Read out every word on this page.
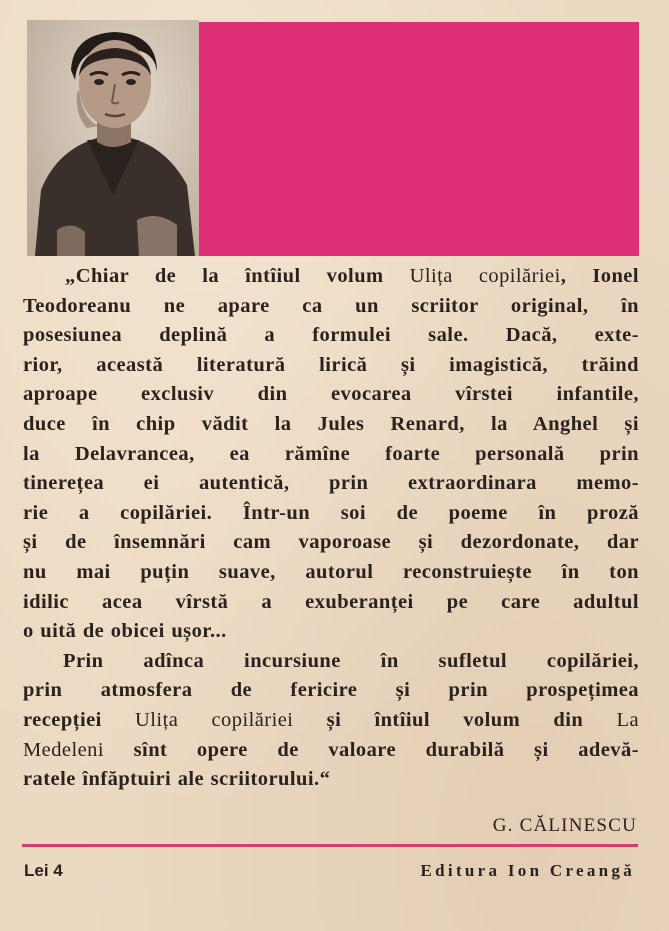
„Chiar de la întîiul volum Ulița copilăriei, Ionel
Teodoreanu ne apare ca un scriitor original, în
posesiunea deplină a formulei sale. Dacă, exte-
rior, această literatură lirică și imagistică, trăind
aproape exclusiv din evocarea vîrstei infantile,
duce în chip vădit la Jules Renard, la Anghel și
la Delavrancea, ea rămîne foarte personală prin
tinerețea ei autentică, prin extraordinara memo-
rie a copilăriei. Într-un soi de poeme în proză
și de însemnări cam vaporoase și dezordonate, dar
nu mai puțin suave, autorul reconstruiește în ton
idilic acea vîrstă a exuberanței pe care adultul
o uită de obicei ușor...
Prin adînca incursiune în sufletul copilăriei,
prin atmosfera de fericire și prin prospețimea
recepției Ulița copilăriei și întîiul volum din La
Medeleni sînt opere de valoare durabilă și adevă-
ratele înfăptuiri ale scriitorului.“
G. CĂLINESCU
Lei 4	Editura Ion Creangă
